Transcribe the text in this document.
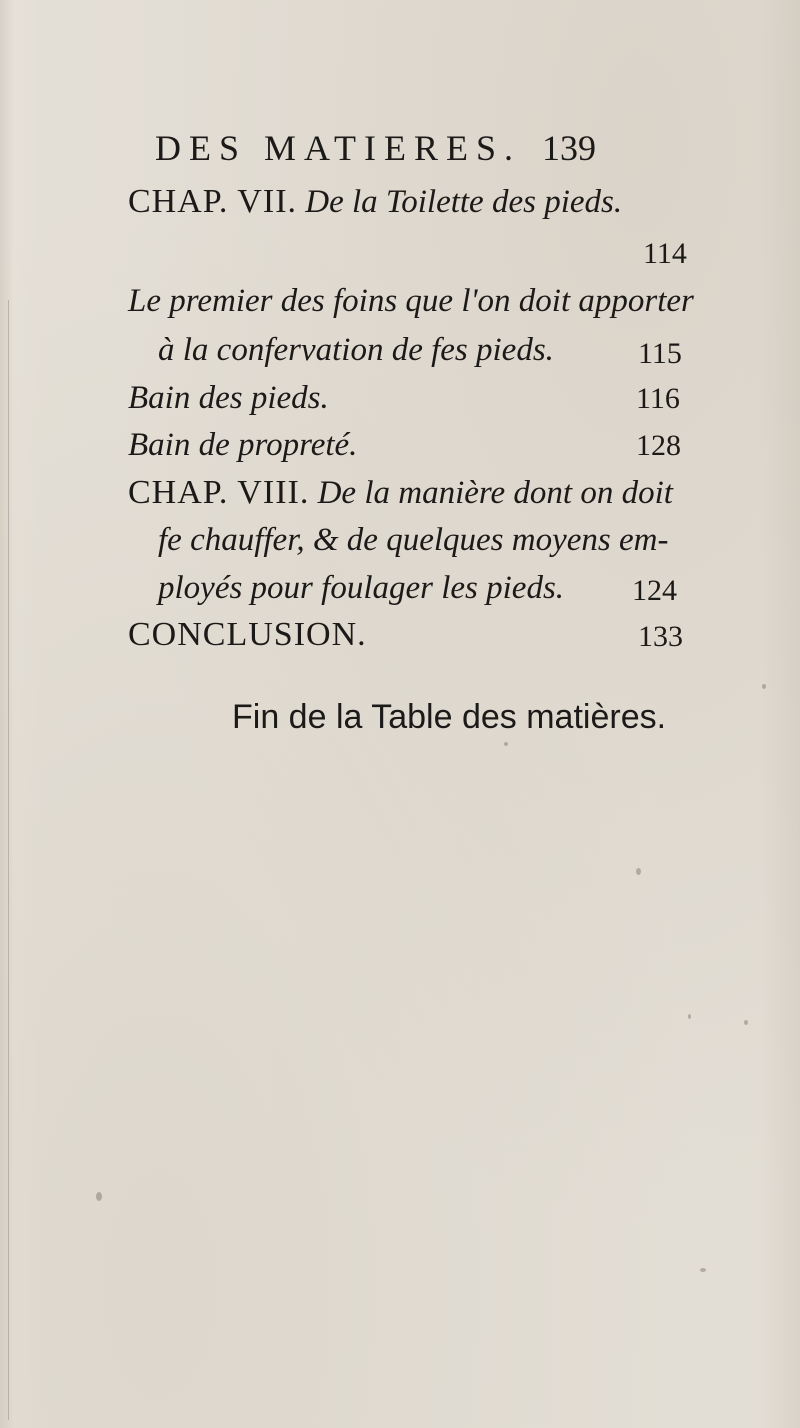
DES MATIERES. 139
CHAP. VII. De la Toilette des pieds.
114
Le premier des foins que l'on doit apporter
à la confervation de fes pieds.	115
Bain des pieds.	116
Bain de propreté.	128
CHAP. VIII. De la manière dont on doit
fe chauffer, & de quelques moyens em-
ployés pour foulager les pieds. 124
CONCLUSION.	133
Fin de la Table des matières.
